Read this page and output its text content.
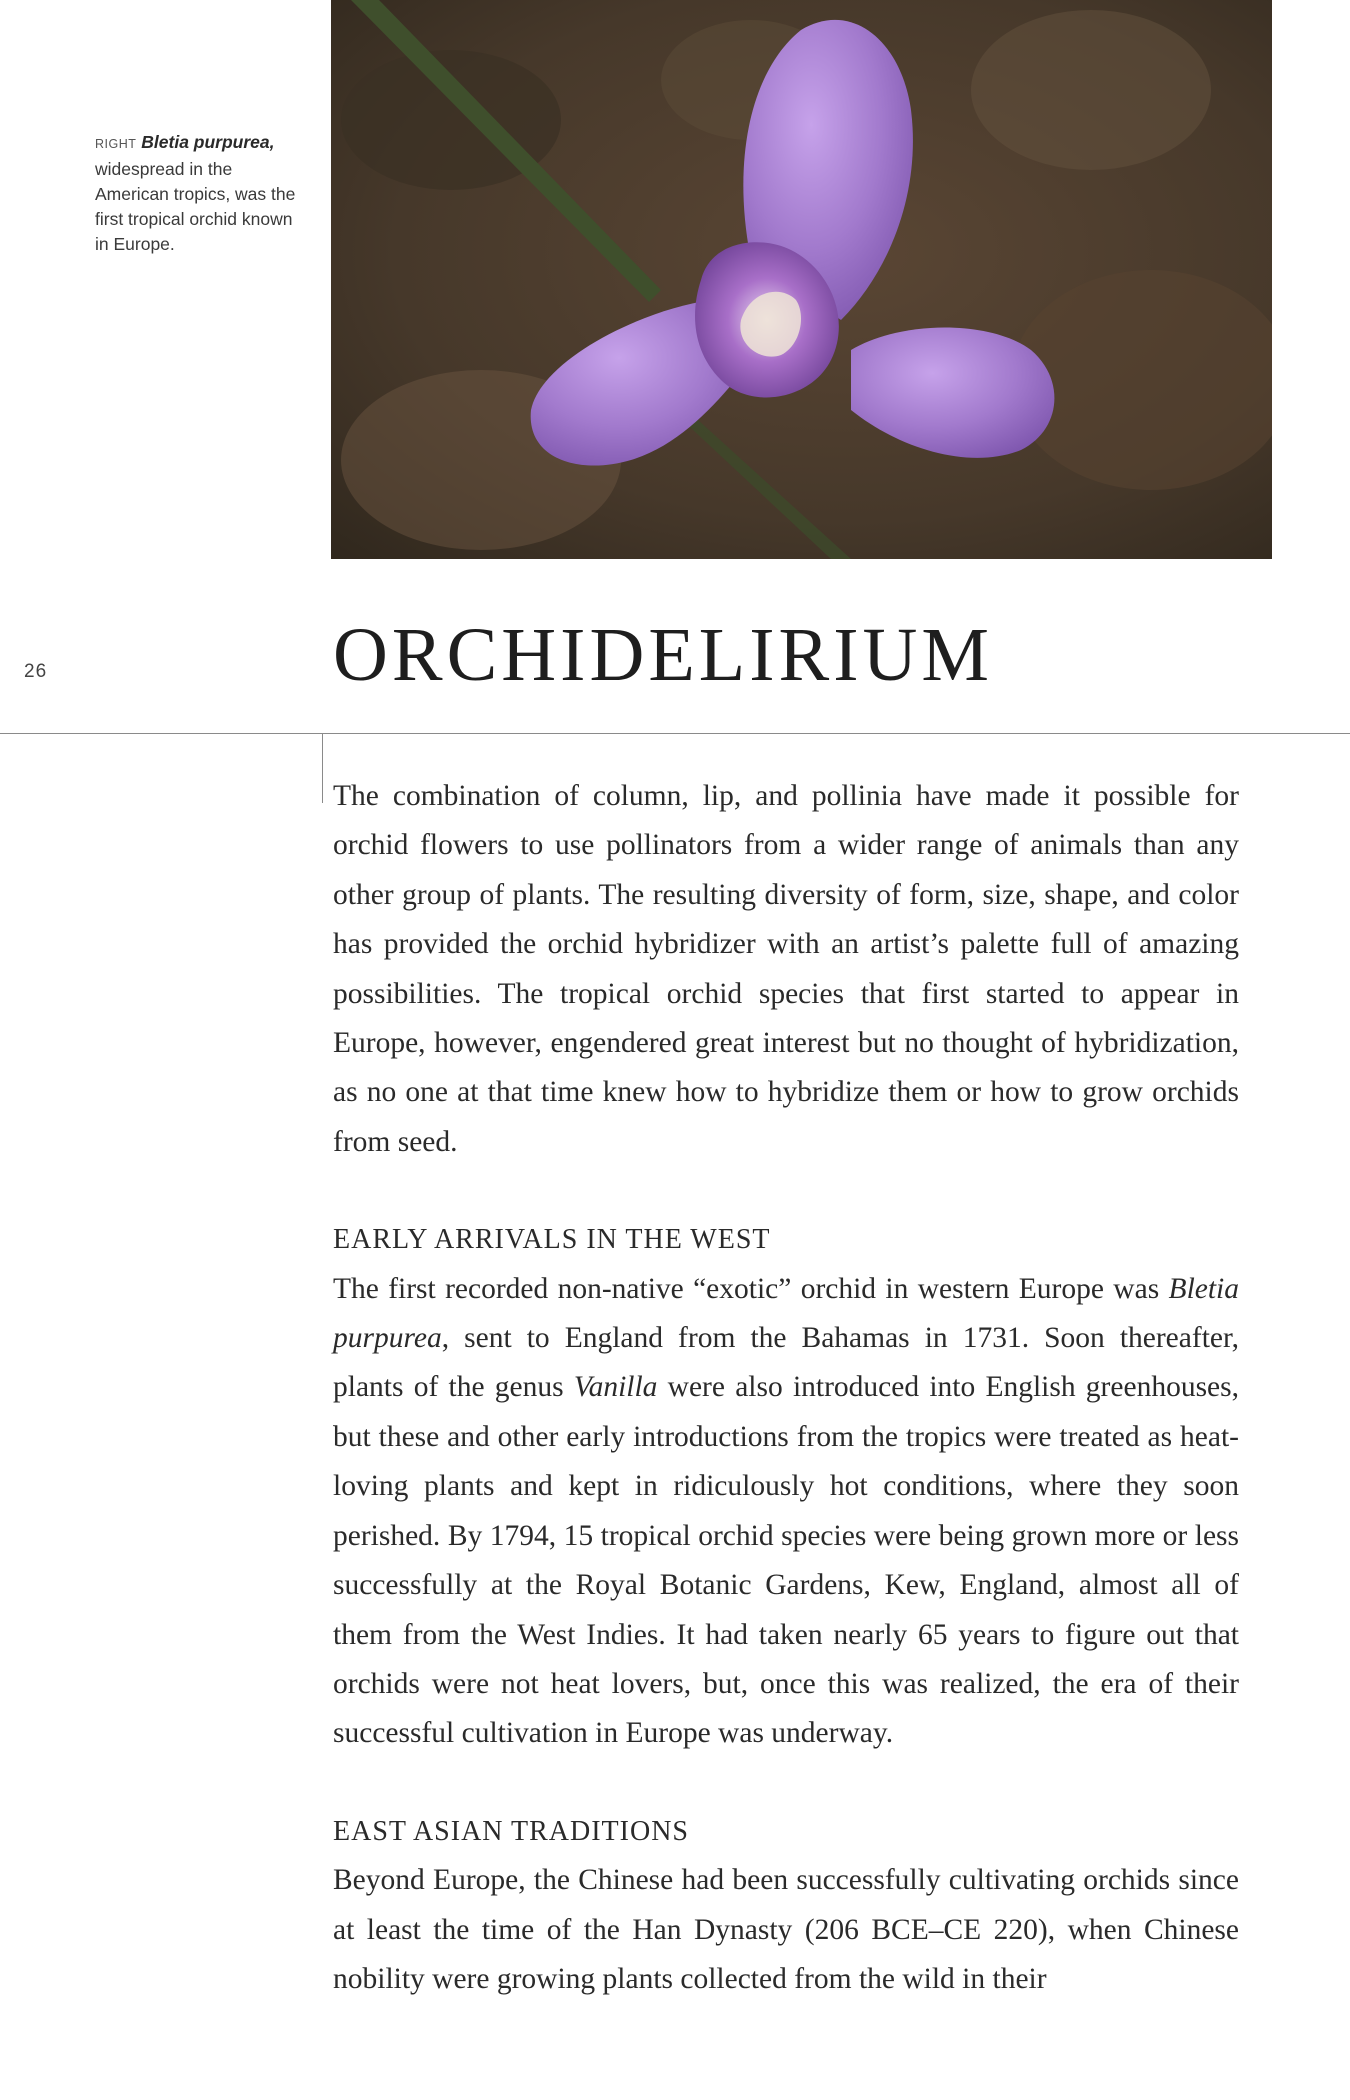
RIGHT Bletia purpurea, widespread in the American tropics, was the first tropical orchid known in Europe.
26	ORCHIDELIRIUM

The combination of column, lip, and pollinia have made it possible for orchid flowers to use pollinators from a wider range of animals than any other group of plants. The resulting diversity of form, size, shape, and color has provided the orchid hybridizer with an artist’s palette full of amazing possibilities. The tropical orchid species that first started to appear in Europe, however, engendered great interest but no thought of hybridization, as no one at that time knew how to hybridize them or how to grow orchids from seed.

EARLY ARRIVALS IN THE WEST

The first recorded non-native “exotic” orchid in western Europe was Bletia purpurea, sent to England from the Bahamas in 1731. Soon thereafter, plants of the genus Vanilla were also introduced into English greenhouses, but these and other early introductions from the tropics were treated as heat-loving plants and kept in ridiculously hot conditions, where they soon perished. By 1794, 15 tropical orchid species were being grown more or less successfully at the Royal Botanic Gardens, Kew, England, almost all of them from the West Indies. It had taken nearly 65 years to figure out that orchids were not heat lovers, but, once this was realized, the era of their successful cultivation in Europe was underway.

EAST ASIAN TRADITIONS

Beyond Europe, the Chinese had been successfully cultivating orchids since at least the time of the Han Dynasty (206 BCE–CE 220), when Chinese nobility were growing plants collected from the wild in their
